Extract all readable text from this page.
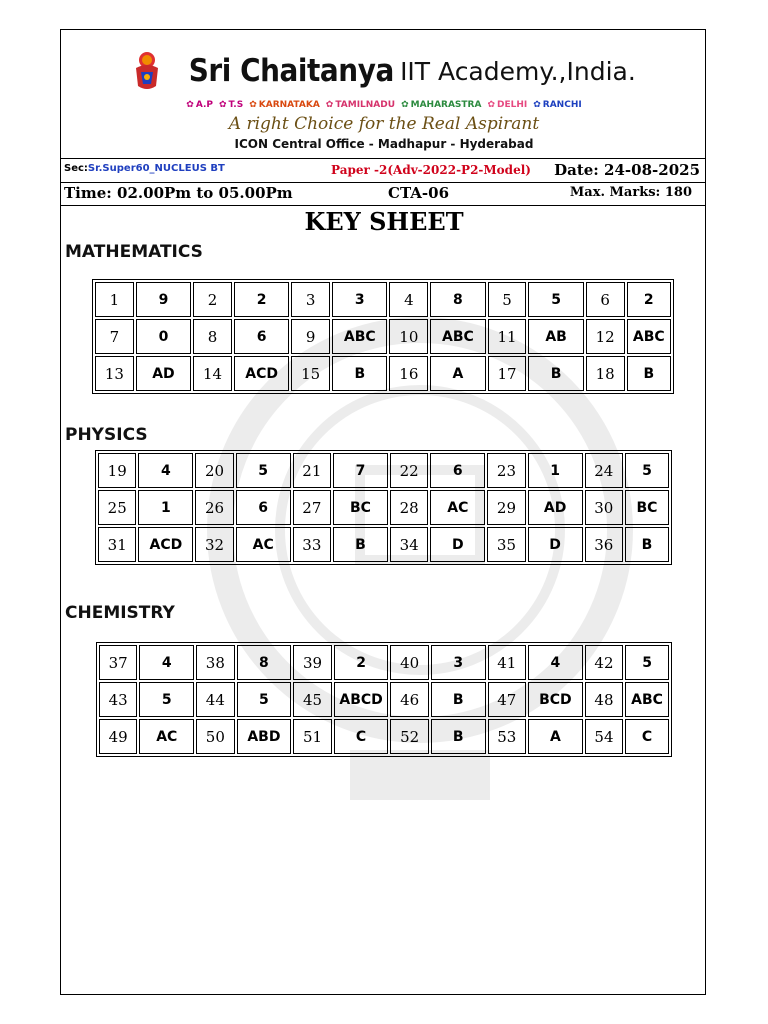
Sri Chaitanya IIT Academy.,India.
✿ A.P ✿ T.S ✿ KARNATAKA ✿ TAMILNADU ✿ MAHARASTRA ✿ DELHI ✿ RANCHI
A right Choice for the Real Aspirant
ICON Central Office - Madhapur - Hyderabad
Sec:Sr.Super60_NUCLEUS BT	Paper -2(Adv-2022-P2-Model) Date: 24-08-2025
Time: 02.00Pm to 05.00Pm	CTA-06	Max. Marks: 180
KEY SHEET
MATHEMATICS
1	9	2	2	3	3	4	8	5	5	6	2
7	0	8	6	9	ABC	10	ABC	11	AB	12	ABC
13	AD	14	ACD	15	B	16	A	17	B	18	B
PHYSICS
19	4	20	5	21	7	22	6	23	1	24	5
25	1	26	6	27	BC	28	AC	29	AD	30	BC
31	ACD	32	AC	33	B	34	D	35	D	36	B
CHEMISTRY
37	4	38	8	39	2	40	3	41	4	42	5
43	5	44	5	45	ABCD	46	B	47	BCD	48	ABC
49	AC	50	ABD	51	C	52	B	53	A	54	C
